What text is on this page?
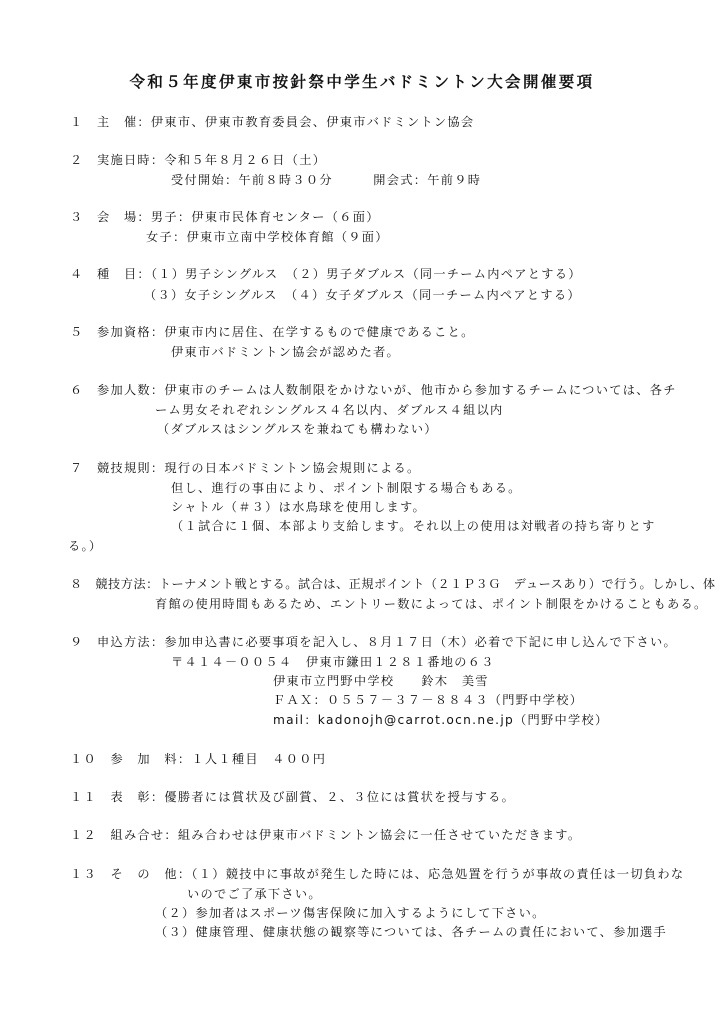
令和５年度伊東市按針祭中学生バドミントン大会開催要項
１　主　催：伊東市、伊東市教育委員会、伊東市バドミントン協会
２　実施日時：令和５年８月２６日（土）
受付開始：午前８時３０分　　　開会式：午前９時
３　会　場：男子：伊東市民体育センター（６面）
女子：伊東市立南中学校体育館（９面）
４　種　目：（１）男子シングルス　（２）男子ダブルス（同一チーム内ペアとする）
（３）女子シングルス　（４）女子ダブルス（同一チーム内ペアとする）
５　参加資格：伊東市内に居住、在学するもので健康であること。
伊東市バドミントン協会が認めた者。
６　参加人数：伊東市のチームは人数制限をかけないが、他市から参加するチームについては、各チ
ーム男女それぞれシングルス４名以内、ダブルス４組以内
（ダブルスはシングルスを兼ねても構わない）
７　競技規則：現行の日本バドミントン協会規則による。
但し、進行の事由により、ポイント制限する場合もある。
シャトル（＃３）は水鳥球を使用します。
（１試合に１個、本部より支給します。それ以上の使用は対戦者の持ち寄りとす
る。）
８　競技方法：トーナメント戦とする。試合は、正規ポイント（２１Ｐ３Ｇ　デュースあり）で行う。しかし、体
育館の使用時間もあるため、エントリー数によっては、ポイント制限をかけることもある。
９　申込方法：参加申込書に必要事項を記入し、８月１７日（木）必着で下記に申し込んで下さい。
〒４１４－００５４　伊東市鎌田１２８１番地の６３
伊東市立門野中学校　　鈴木　美雪
ＦＡＸ：０５５７－３７－８８４３（門野中学校）
mail：kadonojh@carrot.ocn.ne.jp（門野中学校）
１０　参　加　料：１人１種目　４００円
１１　表　彰：優勝者には賞状及び副賞、２、３位には賞状を授与する。
１２　組み合せ：組み合わせは伊東市バドミントン協会に一任させていただきます。
１３　そ　の　他：（１）競技中に事故が発生した時には、応急処置を行うが事故の責任は一切負わな
いのでご了承下さい。
（２）参加者はスポーツ傷害保険に加入するようにして下さい。
（３）健康管理、健康状態の観察等については、各チームの責任において、参加選手
